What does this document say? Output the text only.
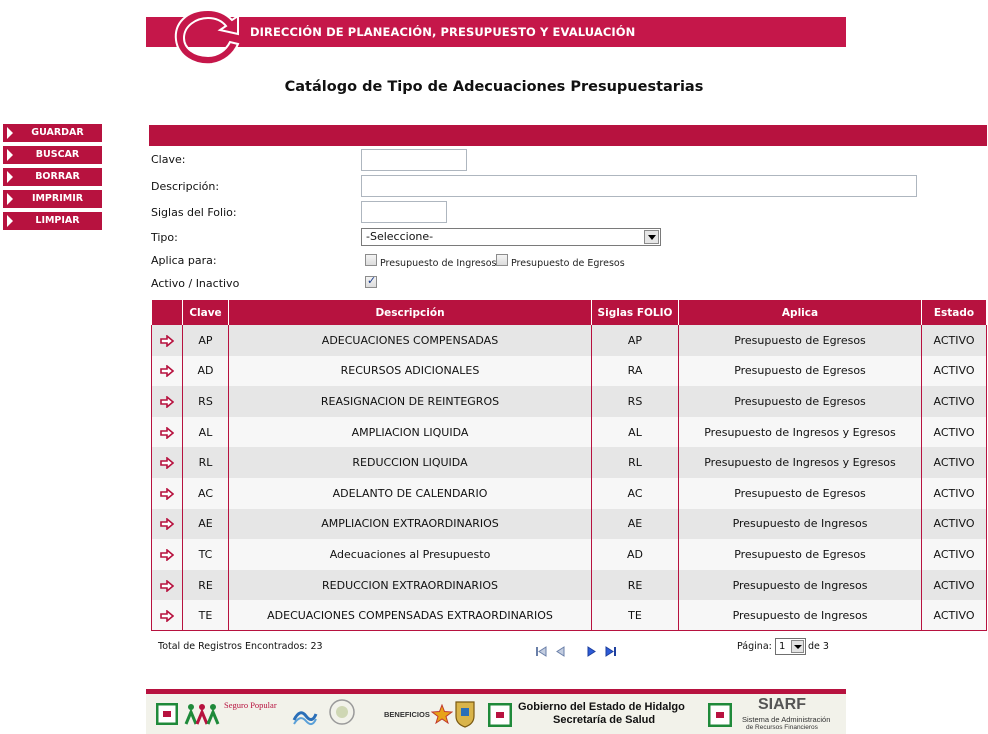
DIRECCIÓN DE PLANEACIÓN, PRESUPUESTO Y EVALUACIÓN
Catálogo de Tipo de Adecuaciones Presupuestarias
GUARDAR
BUSCAR
BORRAR
IMPRIMIR
LIMPIAR
Clave:
Descripción:
Siglas del Folio:
Tipo:	-Seleccione-
Aplica para:	Presupuesto de Ingresos Presupuesto de Egresos
Activo / Inactivo
✓
	Clave	Descripción	Siglas FOLIO	Aplica	Estado
	AP	ADECUACIONES COMPENSADAS	AP	Presupuesto de Egresos	ACTIVO
	AD	RECURSOS ADICIONALES	RA	Presupuesto de Egresos	ACTIVO
	RS	REASIGNACION DE REINTEGROS	RS	Presupuesto de Egresos	ACTIVO
	AL	AMPLIACION LIQUIDA	AL	Presupuesto de Ingresos y Egresos	ACTIVO
	RL	REDUCCION LIQUIDA	RL	Presupuesto de Ingresos y Egresos	ACTIVO
	AC	ADELANTO DE CALENDARIO	AC	Presupuesto de Egresos	ACTIVO
	AE	AMPLIACION EXTRAORDINARIOS	AE	Presupuesto de Ingresos	ACTIVO
	TC	Adecuaciones al Presupuesto	AD	Presupuesto de Egresos	ACTIVO
	RE	REDUCCION EXTRAORDINARIOS	RE	Presupuesto de Ingresos	ACTIVO
	TE	ADECUACIONES COMPENSADAS EXTRAORDINARIOS	TE	Presupuesto de Ingresos	ACTIVO
Total de Registros Encontrados: 23
	Página: 1	de 3
Seguro Popular
BENEFICIOS
Gobierno del Estado de Hidalgo
Secretaría de Salud
SIARF
Sistema de Administración
de Recursos Financieros
